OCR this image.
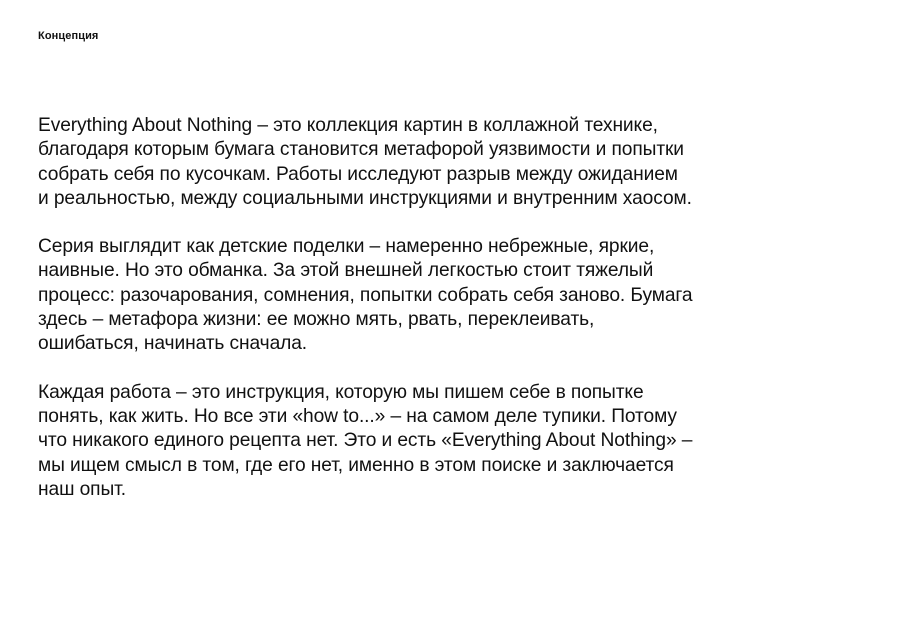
Концепция

Everything About Nothing – это коллекция картин в коллажной технике, благодаря которым бумага становится метафорой уязвимости и попытки собрать себя по кусочкам. Работы исследуют разрыв между ожиданием и реальностью, между социальными инструкциями и внутренним хаосом.

Серия выглядит как детские поделки – намеренно небрежные, яркие, наивные. Но это обманка. За этой внешней легкостью стоит тяжелый процесс: разочарования, сомнения, попытки собрать себя заново. Бумага здесь – метафора жизни: ее можно мять, рвать, переклеивать, ошибаться, начинать сначала.

Каждая работа – это инструкция, которую мы пишем себе в попытке понять, как жить. Но все эти «how to...» – на самом деле тупики. Потому что никакого единого рецепта нет. Это и есть «Everything About Nothing» – мы ищем смысл в том, где его нет, именно в этом поиске и заключается наш опыт.
